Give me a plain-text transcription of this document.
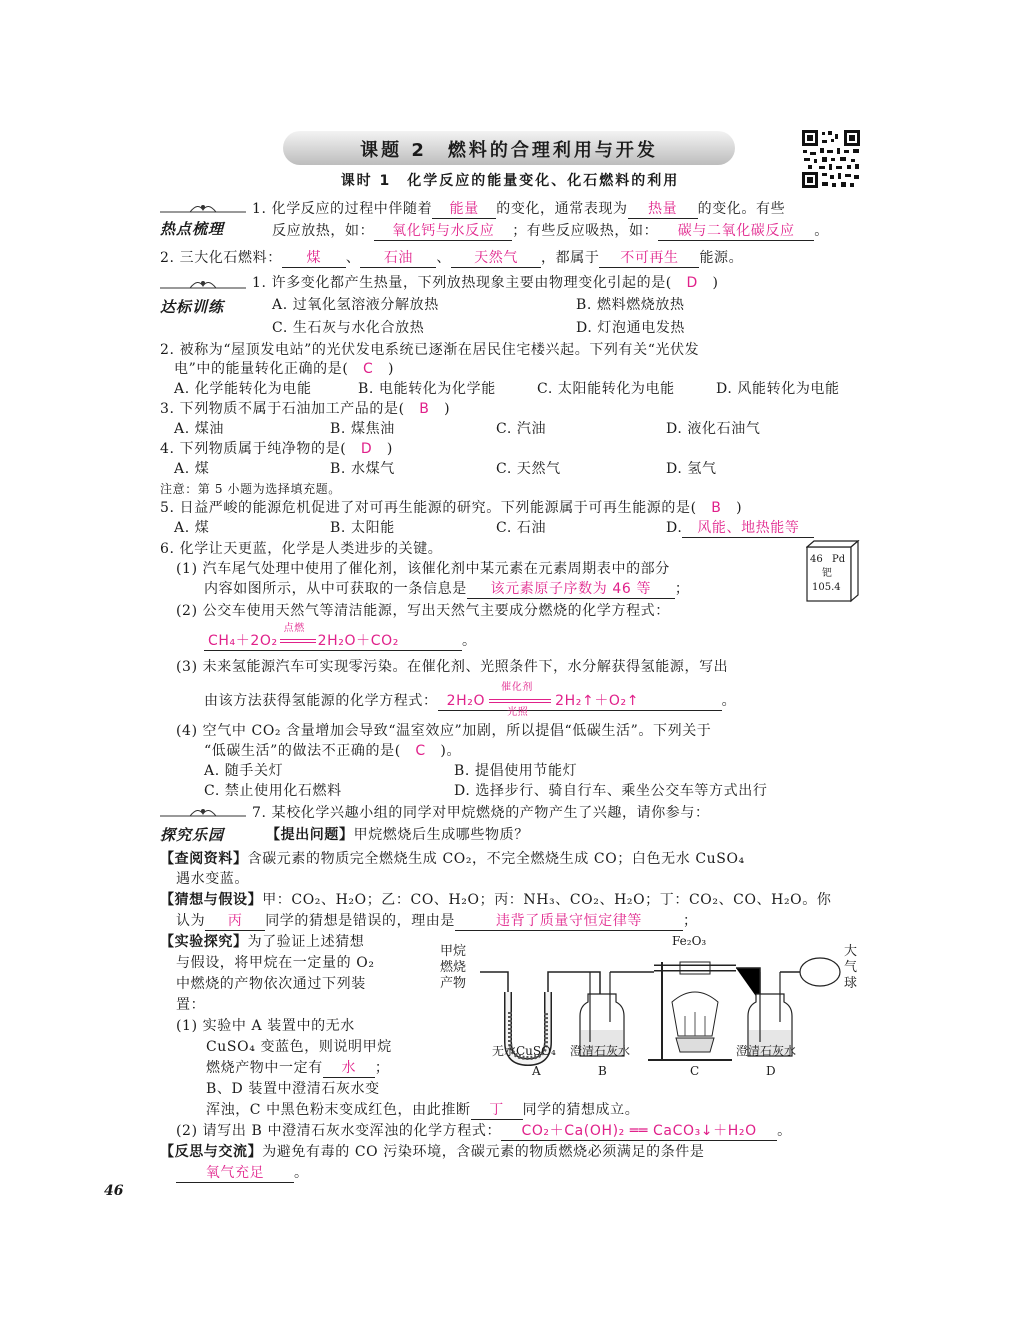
课题 2　燃料的合理利用与开发
课时 1　化学反应的能量变化、化石燃料的利用
热点梳理
1. 化学反应的过程中伴随着 能量 的变化，通常表现为 热量 的变化。有些
反应放热，如： 氧化钙与水反应 ；有些反应吸热，如： 碳与二氧化碳反应 。
2. 三大化石燃料： 煤 、 石油 、 天然气 ，都属于 不可再生 能源。
达标训练
1. 许多变化都产生热量，下列放热现象主要由物理变化引起的是(　 D　)
A. 过氧化氢溶液分解放热	B. 燃料燃烧放热
C. 生石灰与水化合放热	D. 灯泡通电发热
2. 被称为“屋顶发电站”的光伏发电系统已逐渐在居民住宅楼兴起。下列有关“光伏发
电”中的能量转化正确的是(　 C　)
A. 化学能转化为电能	B. 电能转化为化学能	C. 太阳能转化为电能	D. 风能转化为电能
3. 下列物质不属于石油加工产品的是(　 B　)
A. 煤油	B. 煤焦油	C. 汽油	D. 液化石油气
4. 下列物质属于纯净物的是(　 D　)
A. 煤	B. 水煤气	C. 天然气	D. 氢气
注意：第 5 小题为选择填充题。
5. 日益严峻的能源危机促进了对可再生能源的研究。下列能源属于可再生能源的是(　 B　)
A. 煤	B. 太阳能	C. 石油	D. 风能、地热能等
6. 化学让天更蓝，化学是人类进步的关键。
(1) 汽车尾气处理中使用了催化剂，该催化剂中某元素在元素周期表中的部分
内容如图所示，从中可获取的一条信息是 该元素原子序数为 46 等 ；
46 Pd
钯
105.4
(2) 公交车使用天然气等清洁能源，写出天然气主要成分燃烧的化学方程式：
CH₄＋2O₂
点燃
2H₂O＋CO₂	。
(3) 未来氢能源汽车可实现零污染。在催化剂、光照条件下，水分解获得氢能源，写出
由该方法获得氢能源的化学方程式： 2H₂O
催化剂
光照
2H₂↑＋O₂↑	。
(4) 空气中 CO₂ 含量增加会导致“温室效应”加剧，所以提倡“低碳生活”。下列关于
“低碳生活”的做法不正确的是(　 C　)。
A. 随手关灯	B. 提倡使用节能灯
C. 禁止使用化石燃料	D. 选择步行、骑自行车、乘坐公交车等方式出行
探究乐园
7. 某校化学兴趣小组的同学对甲烷燃烧的产物产生了兴趣，请你参与：
【提出问题】甲烷燃烧后生成哪些物质？
【查阅资料】含碳元素的物质完全燃烧生成 CO₂，不完全燃烧生成 CO；白色无水 CuSO₄
遇水变蓝。
【猜想与假设】甲：CO₂、H₂O；乙：CO、H₂O；丙：NH₃、CO₂、H₂O；丁：CO₂、CO、H₂O。你
认为 丙 同学的猜想是错误的，理由是	违背了质量守恒定律等	；
【实验探究】为了验证上述猜想
与假设，将甲烷在一定量的 O₂
中燃烧的产物依次通过下列装
置：
(1) 实验中 A 装置中的无水
CuSO₄ 变蓝色，则说明甲烷
燃烧产物中一定有 水 ；
B、D 装置中澄清石灰水变
浑浊，C 中黑色粉末变成红色，由此推断 丁 同学的猜想成立。
(2) 请写出 B 中澄清石灰水变浑浊的化学方程式： CO₂＋Ca(OH)₂ ══ CaCO₃↓＋H₂O 。
【反思与交流】为避免有毒的 CO 污染环境，含碳元素的物质燃烧必须满足的条件是
氧气充足 。
甲烷燃烧产物
Fe₂O₃
大气球
无水CuSO₄ 澄清石灰水	澄清石灰水
A	B	C	D
46
